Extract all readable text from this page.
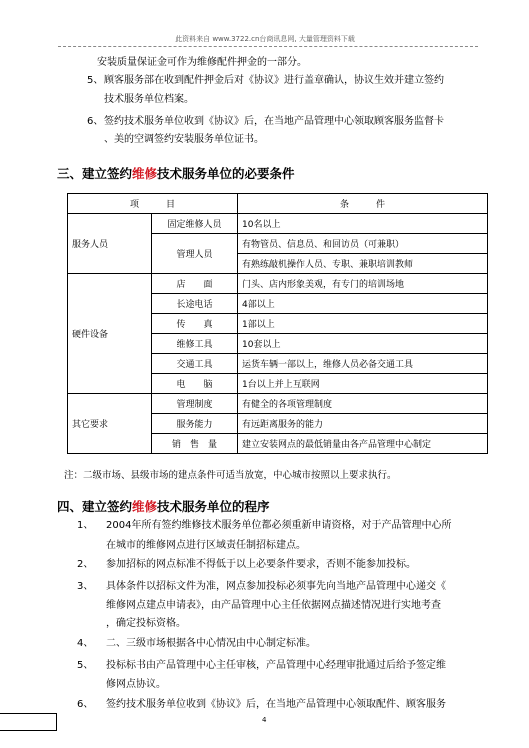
此资料来自 www.3722.cn台商讯息网, 大量管理资料下载
安装质量保证金可作为维修配件押金的一部分。
5、 顾客服务部在收到配件押金后对《协议》进行盖章确认，协议生效并建立签约
技术服务单位档案。
6、 签约技术服务单位收到《协议》后，在当地产品管理中心领取顾客服务监督卡
、美的空调签约安装服务单位证书。
三、建立签约维修技术服务单位的必要条件
项　　　目		条　　　件
服务人员	固定维修人员	10名以上
	管理人员	有物管员、信息员、和回访员（可兼职）
		有熟练敲机操作人员、专职、兼职培训教师
硬件设备	店　　面	门头、店内形象美观，有专门的培训场地
	长途电话	4部以上
	传　　真	1部以上
	维修工具	10套以上
	交通工具	运货车辆一部以上，维修人员必备交通工具
	电　　脑	1台以上并上互联网
其它要求	管理制度	有健全的各项管理制度
	服务能力	有远距离服务的能力
	销　售　量	建立安装网点的最低销量由各产品管理中心制定
注：二级市场、县级市场的建点条件可适当放宽，中心城市按照以上要求执行。
四、建立签约维修技术服务单位的程序
1、 2004年所有签约维修技术服务单位都必须重新申请资格，对于产品管理中心所
在城市的维修网点进行区域责任制招标建点。
2、 参加招标的网点标准不得低于以上必要条件要求，否则不能参加投标。
3、 具体条件以招标文件为准，网点参加投标必须事先向当地产品管理中心递交《
维修网点建点申请表》，由产品管理中心主任依据网点描述情况进行实地考查
，确定投标资格。
4、 二、三级市场根据各中心情况由中心制定标准。
5、 投标标书由产品管理中心主任审核，产品管理中心经理审批通过后给予签定维
修网点协议。
6、 签约技术服务单位收到《协议》后，在当地产品管理中心领取配件、顾客服务
4
